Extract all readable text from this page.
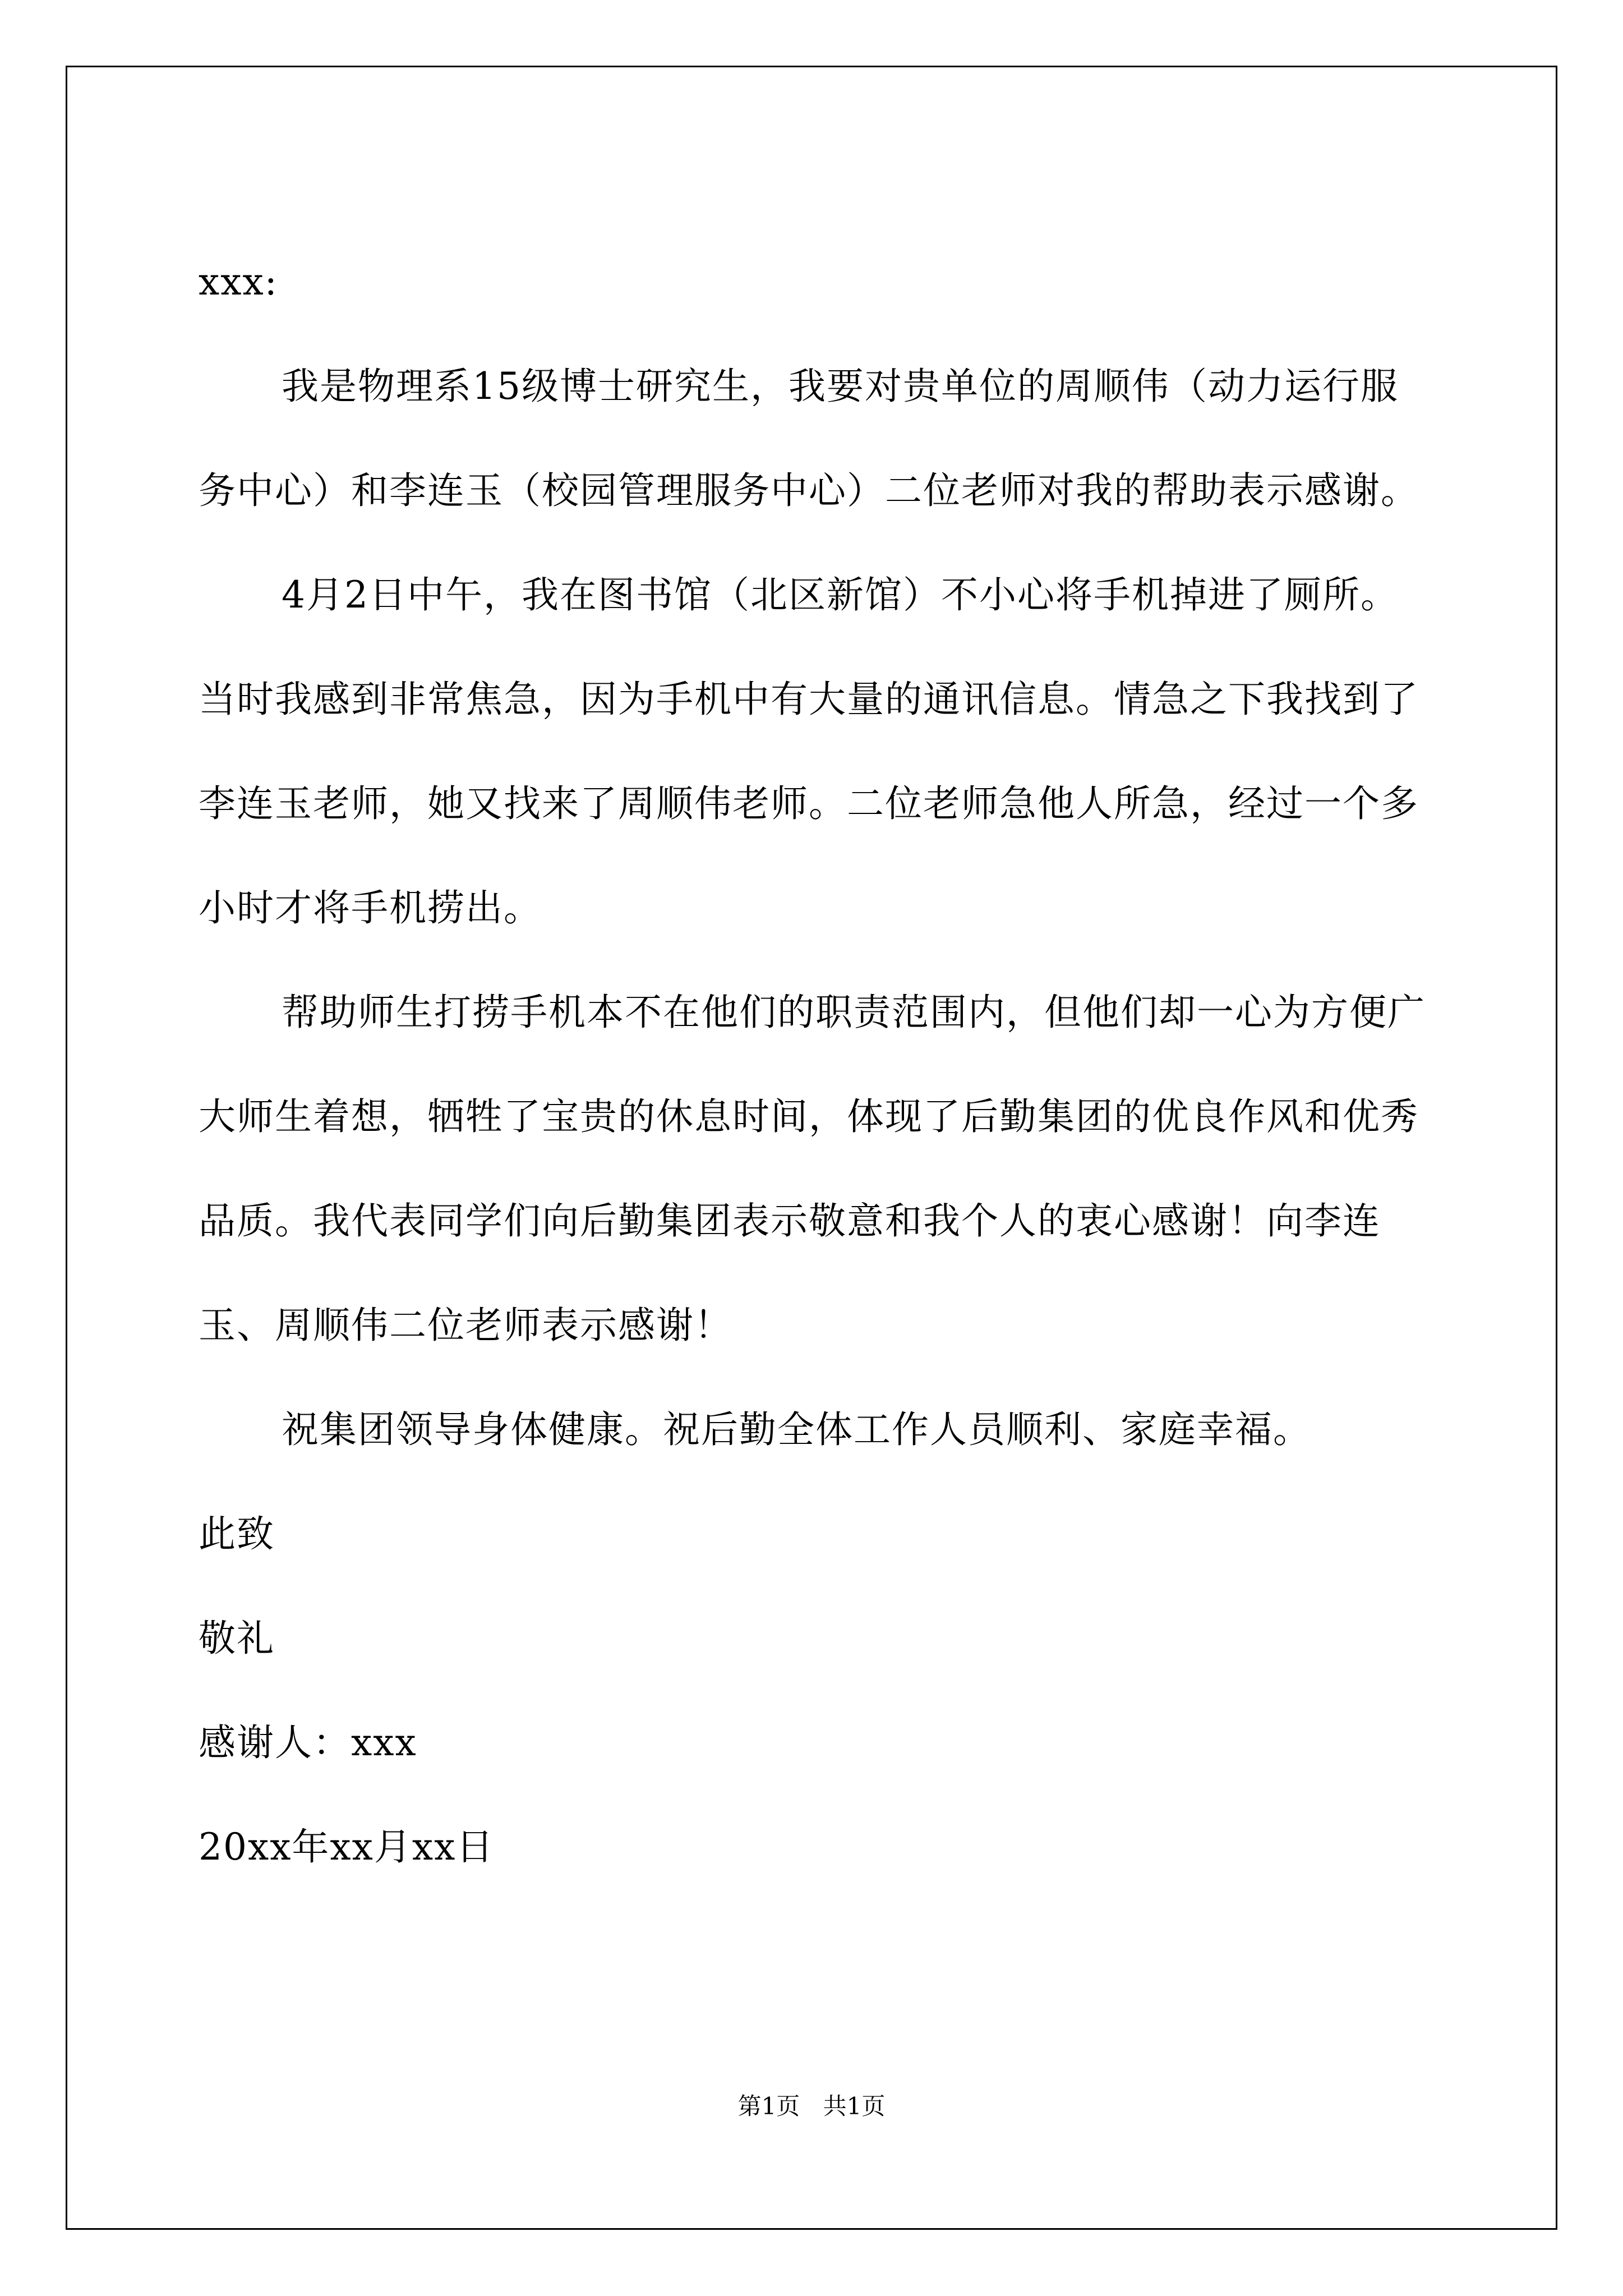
xxx:

我是物理系15级博士研究生，我要对贵单位的周顺伟（动力运行服务中心）和李连玉（校园管理服务中心）二位老师对我的帮助表示感谢。

4月2日中午，我在图书馆（北区新馆）不小心将手机掉进了厕所。当时我感到非常焦急，因为手机中有大量的通讯信息。情急之下我找到了李连玉老师，她又找来了周顺伟老师。二位老师急他人所急，经过一个多小时才将手机捞出。

帮助师生打捞手机本不在他们的职责范围内，但他们却一心为方便广大师生着想，牺牲了宝贵的休息时间，体现了后勤集团的优良作风和优秀品质。我代表同学们向后勤集团表示敬意和我个人的衷心感谢！向李连玉、周顺伟二位老师表示感谢！

祝集团领导身体健康。祝后勤全体工作人员顺利、家庭幸福。

此致

敬礼

感谢人：xxx

20xx年xx月xx日

第1页 共1页
